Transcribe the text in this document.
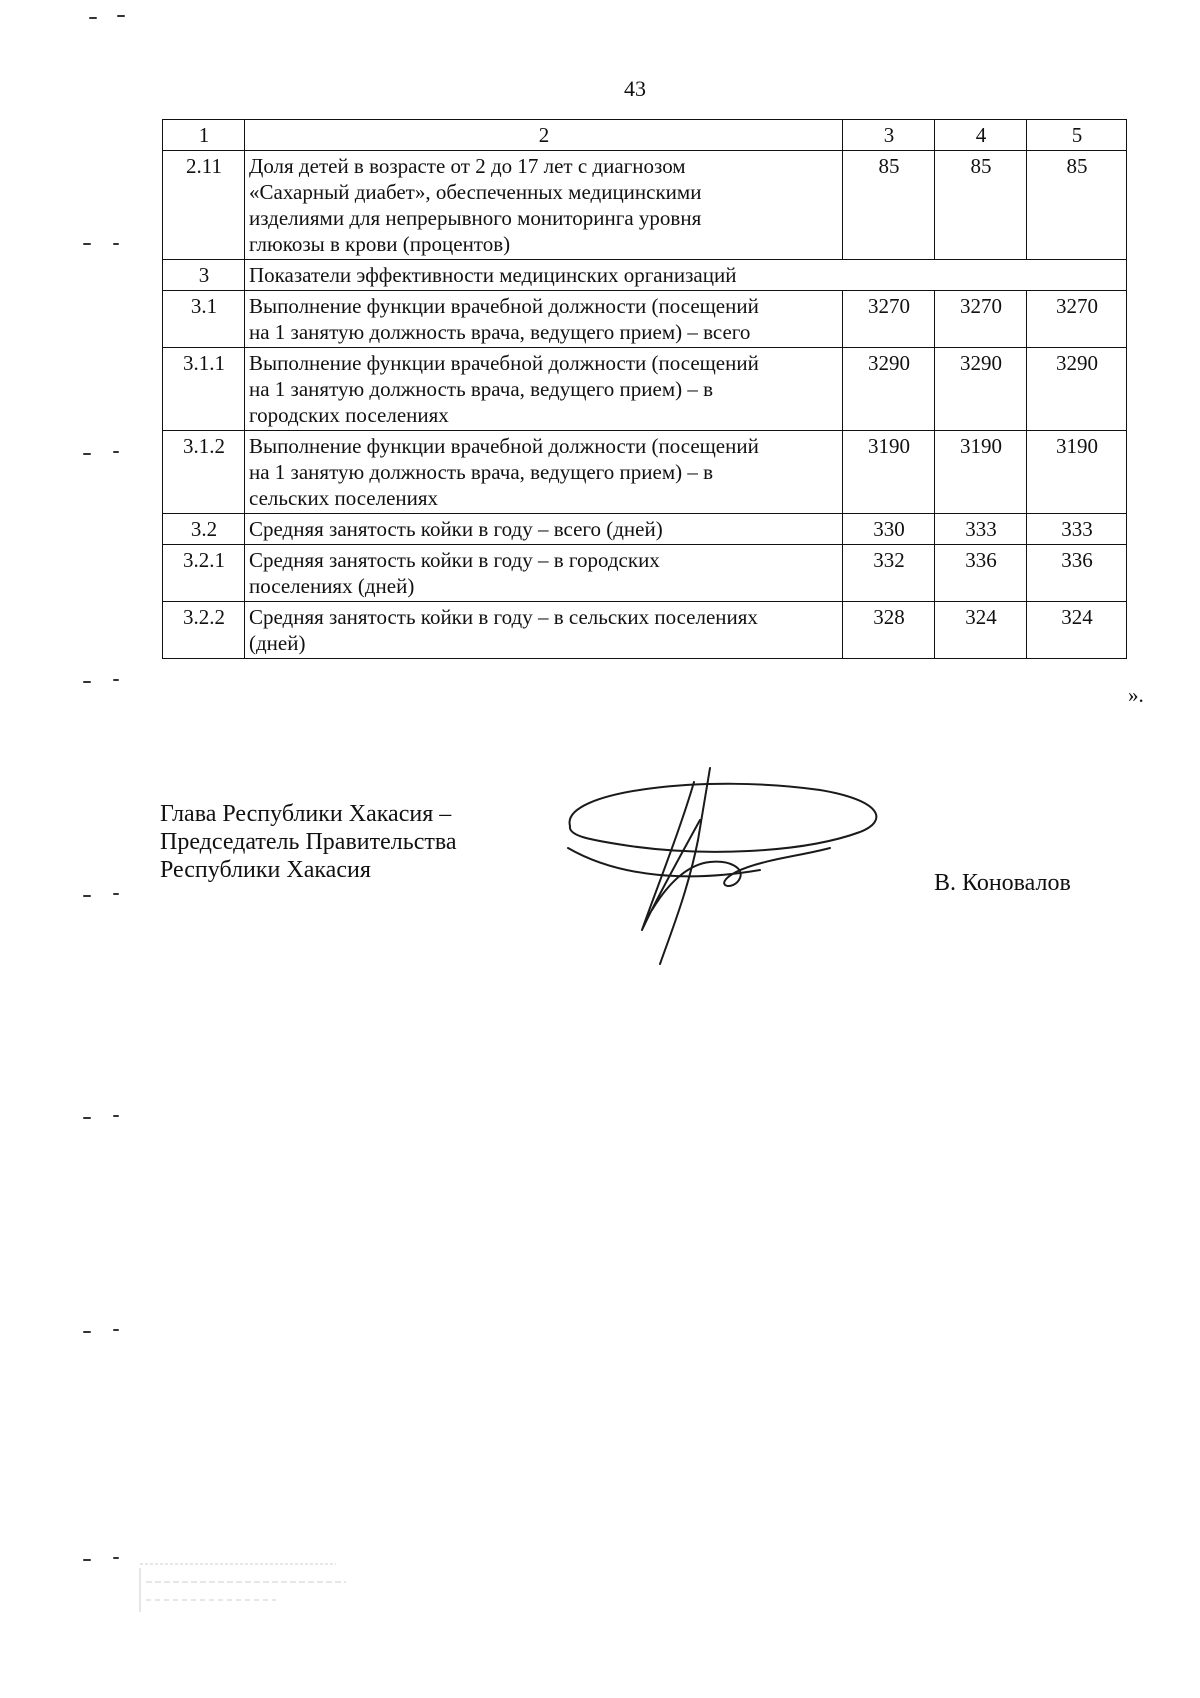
43
1	2	3	4	5
2.11	Доля детей в возрасте от 2 до 17 лет с диагнозом
«Сахарный диабет», обеспеченных медицинскими
изделиями для непрерывного мониторинга уровня
глюкозы в крови (процентов)	85	85	85
3	Показатели эффективности медицинских организаций			
3.1	Выполнение функции врачебной должности (посещений
на 1 занятую должность врача, ведущего прием) – всего	3270	3270	3270
3.1.1	Выполнение функции врачебной должности (посещений
на 1 занятую должность врача, ведущего прием) – в
городских поселениях	3290	3290	3290
3.1.2	Выполнение функции врачебной должности (посещений
на 1 занятую должность врача, ведущего прием) – в
сельских поселениях	3190	3190	3190
3.2	Средняя занятость койки в году – всего (дней)	330	333	333
3.2.1	Средняя занятость койки в году – в городских
поселениях (дней)	332	336	336
3.2.2	Средняя занятость койки в году – в сельских поселениях
(дней)	328	324	324
».
Глава Республики Хакасия –
Председатель Правительства
Республики Хакасия	В. Коновалов
